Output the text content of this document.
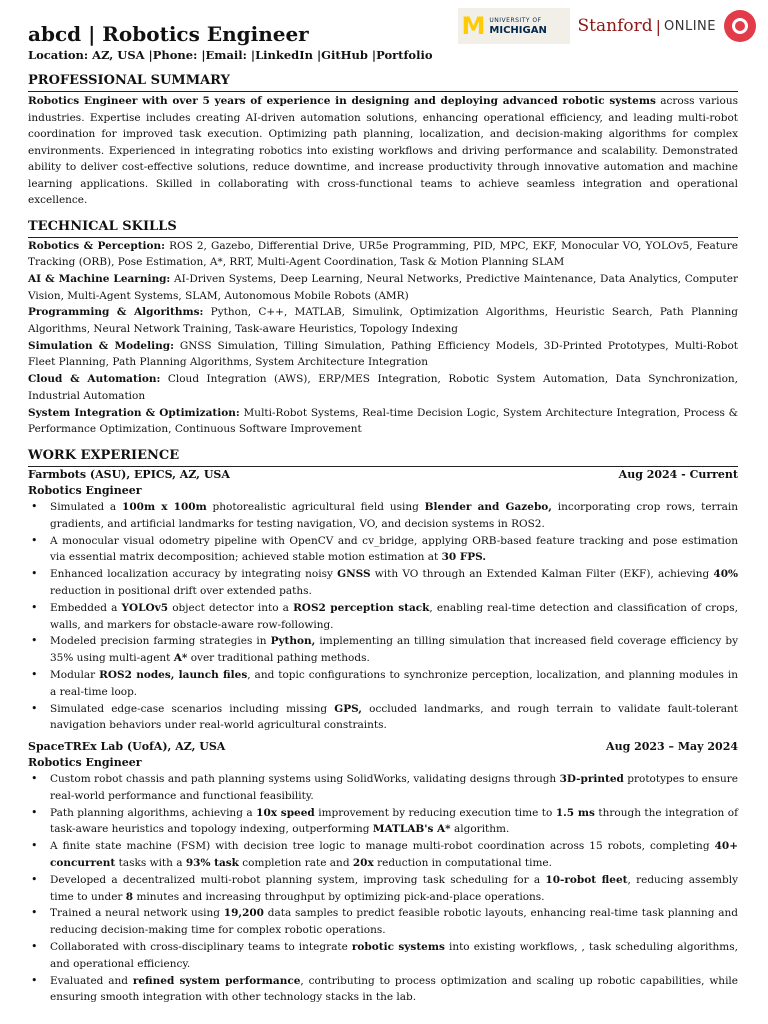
M UNIVERSITY OF
MICHIGAN Stanford | ONLINE
abcd | Robotics Engineer
Location: AZ, USA |Phone: |Email: |LinkedIn |GitHub |Portfolio
PROFESSIONAL SUMMARY
Robotics Engineer with over 5 years of experience in designing and deploying advanced robotic systems across various industries. Expertise includes creating AI-driven automation solutions, enhancing operational efficiency, and leading multi-robot coordination for improved task execution. Optimizing path planning, localization, and decision-making algorithms for complex environments. Experienced in integrating robotics into existing workflows and driving performance and scalability. Demonstrated ability to deliver cost-effective solutions, reduce downtime, and increase productivity through innovative automation and machine learning applications. Skilled in collaborating with cross-functional teams to achieve seamless integration and operational excellence.
TECHNICAL SKILLS
Robotics & Perception: ROS 2, Gazebo, Differential Drive, UR5e Programming, PID, MPC, EKF, Monocular VO, YOLOv5, Feature Tracking (ORB), Pose Estimation, A*, RRT, Multi-Agent Coordination, Task & Motion Planning SLAM
AI & Machine Learning: AI-Driven Systems, Deep Learning, Neural Networks, Predictive Maintenance, Data Analytics, Computer Vision, Multi-Agent Systems, SLAM, Autonomous Mobile Robots (AMR)
Programming & Algorithms: Python, C++, MATLAB, Simulink, Optimization Algorithms, Heuristic Search, Path Planning Algorithms, Neural Network Training, Task-aware Heuristics, Topology Indexing
Simulation & Modeling: GNSS Simulation, Tilling Simulation, Pathing Efficiency Models, 3D-Printed Prototypes, Multi-Robot Fleet Planning, Path Planning Algorithms, System Architecture Integration
Cloud & Automation: Cloud Integration (AWS), ERP/MES Integration, Robotic System Automation, Data Synchronization, Industrial Automation
System Integration & Optimization: Multi-Robot Systems, Real-time Decision Logic, System Architecture Integration, Process & Performance Optimization, Continuous Software Improvement
WORK EXPERIENCE
Farmbots (ASU), EPICS, AZ, USA	Aug 2024 - Current
Robotics Engineer
• Simulated a 100m x 100m photorealistic agricultural field using Blender and Gazebo, incorporating crop rows, terrain gradients, and artificial landmarks for testing navigation, VO, and decision systems in ROS2.
• A monocular visual odometry pipeline with OpenCV and cv_bridge, applying ORB-based feature tracking and pose estimation via essential matrix decomposition; achieved stable motion estimation at 30 FPS.
• Enhanced localization accuracy by integrating noisy GNSS with VO through an Extended Kalman Filter (EKF), achieving 40% reduction in positional drift over extended paths.
• Embedded a YOLOv5 object detector into a ROS2 perception stack, enabling real-time detection and classification of crops, walls, and markers for obstacle-aware row-following.
• Modeled precision farming strategies in Python, implementing an tilling simulation that increased field coverage efficiency by 35% using multi-agent A* over traditional pathing methods.
• Modular ROS2 nodes, launch files, and topic configurations to synchronize perception, localization, and planning modules in a real-time loop.
• Simulated edge-case scenarios including missing GPS, occluded landmarks, and rough terrain to validate fault-tolerant navigation behaviors under real-world agricultural constraints.
SpaceTREx Lab (UofA), AZ, USA	Aug 2023 – May 2024
Robotics Engineer
• Custom robot chassis and path planning systems using SolidWorks, validating designs through 3D-printed prototypes to ensure real-world performance and functional feasibility.
• Path planning algorithms, achieving a 10x speed improvement by reducing execution time to 1.5 ms through the integration of task-aware heuristics and topology indexing, outperforming MATLAB's A* algorithm.
• A finite state machine (FSM) with decision tree logic to manage multi-robot coordination across 15 robots, completing 40+ concurrent tasks with a 93% task completion rate and 20x reduction in computational time.
• Developed a decentralized multi-robot planning system, improving task scheduling for a 10-robot fleet, reducing assembly time to under 8 minutes and increasing throughput by optimizing pick-and-place operations.
• Trained a neural network using 19,200 data samples to predict feasible robotic layouts, enhancing real-time task planning and reducing decision-making time for complex robotic operations.
• Collaborated with cross-disciplinary teams to integrate robotic systems into existing workflows, , task scheduling algorithms, and operational efficiency.
• Evaluated and refined system performance, contributing to process optimization and scaling up robotic capabilities, while ensuring smooth integration with other technology stacks in the lab.
